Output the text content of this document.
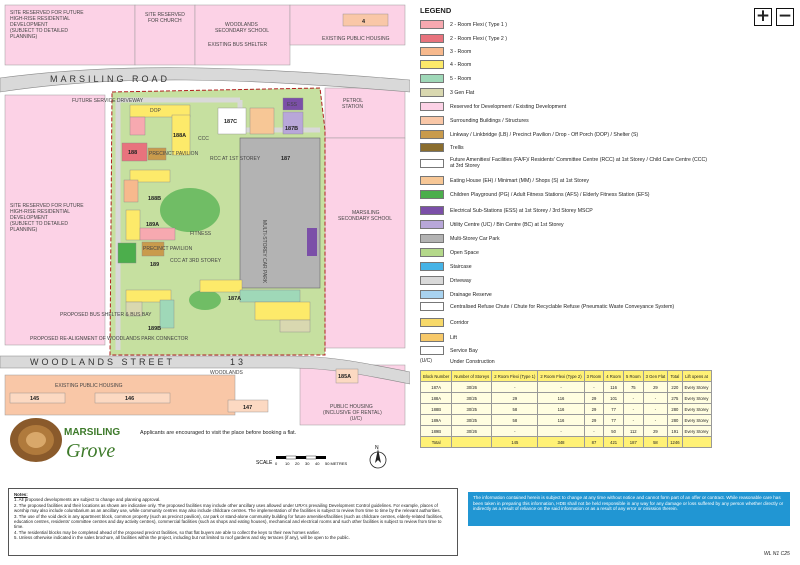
MARSILING ROAD
WOODLANDS STREET	13
WOODLANDS
MULTI-STOREY CAR PARK
187
188A
188 PRECINCT PAVILION
188B
189A
PRECINCT PAVILION
189
189B
187A
187C
ESS
187B
CCC AT 3RD STOREY
RCC AT 1ST STOREY
CCC
FITNESS
DOP
4
145	146
147
185A
SITE RESERVED FOR FUTURE
HIGH-RISE RESIDENTIAL
DEVELOPMENT
(SUBJECT TO DETAILED
PLANNING)
SITE RESERVED
FOR CHURCH
WOODLANDS
SECONDARY SCHOOL
EXISTING PUBLIC HOUSING
EXISTING BUS SHELTER
PETROL
STATION
SITE RESERVED FOR FUTURE
HIGH-RISE RESIDENTIAL
DEVELOPMENT
(SUBJECT TO DETAILED
PLANNING)
MARSILING
SECONDARY SCHOOL
EXISTING PUBLIC HOUSING
PUBLIC HOUSING
(INCLUSIVE OF RENTAL)
(U/C)
FUTURE SERVICE DRIVEWAY
PROPOSED BUS SHELTER & BUS BAY
PROPOSED RE-ALIGNMENT OF WOODLANDS PARK CONNECTOR
+ −
LEGEND
2 - Room Flexi ( Type 1 )
2 - Room Flexi ( Type 2 )
3 - Room
4 - Room
5 - Room
3 Gen Flat
Reserved for Development / Existing Development
Surrounding Buildings / Structures
Linkway / Linkbridge (LB) / Precinct Pavilion / Drop - Off Porch (DOP) / Shelter (S)
Trellis
Future Amenities/ Facilities (FA/F)/ Residents' Committee Centre (RCC) at 1st Storey / Child Care Centre (CCC) at 3rd Storey
Eating House (EH) / Minimart (MM) / Shops (S) at 1st Storey
Children Playground (PG) / Adult Fitness Stations (AFS) / Elderly Fitness Station (EFS)
Electrical Sub-Stations (ESS) at 1st Storey / 3rd Storey MSCP
Utility Centre (UC) / Bin Centre (BC) at 1st Storey
Multi-Storey Car Park
Open Space
Staircase
Driveway
Drainage Reserve
Centralised Refuse Chute / Chute for Recyclable Refuse (Pneumatic Waste Conveyance System)
Corridor
Lift
Service Bay
(U/C)	Under Construction
Block Number	Number of Storeys	2 Room Flexi (Type 1)	2 Room Flexi (Type 2)	3 Room	4 Room	5 Room	3 Gen Flat	Total	Lift opens at
187A	30/26	-	-	-	116	75	29	220	Every Storey
188A	30/25	29	116	29	101	-	-	275	Every Storey
188B	30/25	58	116	29	77	-	-	280	Every Storey
189A	30/25	58	116	29	77	-	-	280	Every Storey
189B	30/26	-	-	-	50	112	29	191	Every Storey
Total		145	348	87	421	187	58	1246	
MARSILING
Grove
SCALE 0 10 20 30 40 50 METRES
N
Applicants are encouraged to visit the place before booking a flat.
Notes:
1. All proposed developments are subject to change and planning approval.
2. The proposed facilities and their locations as shown are indicative only. The proposed facilities may include other ancillary uses allowed under URA's prevailing Development Control guidelines. For example, places of worship may also include columbarium as an ancillary use, while community centres may also include childcare centres. The implementation of the facilities is subject to review from time to time by the relevant authorities.
3. The use of the void deck in any apartment block, common property (such as precinct pavilion), car park or stand-alone community building for future amenities/facilities (such as childcare centres, elderly-related facilities, education centres, residents' committee centres and day activity centres), commercial facilities (such as shops and eating houses), mechanical and electrical rooms and such other facilities is subject to review from time to time.
4. The residential blocks may be completed ahead of the proposed precinct facilities, so that flat buyers are able to collect the keys to their new homes earlier.
5. Unless otherwise indicated in the sales brochure, all facilities within the project, including but not limited to roof gardens and sky terraces (if any), will be open to the public.
The information contained herein is subject to change at any time without notice and cannot form part of an offer or contract. While reasonable care has been taken in preparing this information, HDB shall not be held responsible in any way for any damage or loss suffered by any person whether directly or indirectly as a result of reliance on the said information or as a result of any error or omission therein.
WL N1 C25
